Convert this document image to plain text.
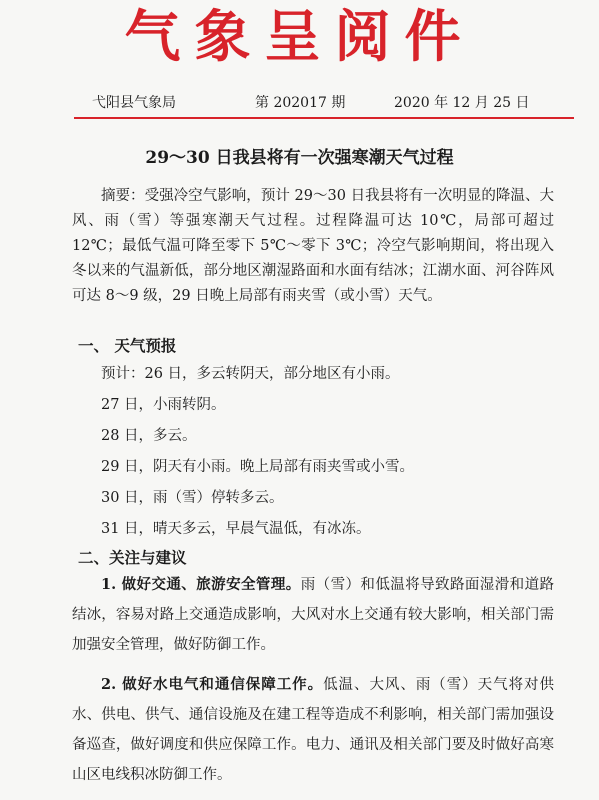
气象呈阅件
弋阳县气象局	第 202017 期	2020 年 12 月 25 日
29～30 日我县将有一次强寒潮天气过程
摘要：受强冷空气影响，预计 29～30 日我县将有一次明显的降温、大风、雨（雪）等强寒潮天气过程。过程降温可达 10℃，局部可超过 12℃；最低气温可降至零下 5℃～零下 3℃；冷空气影响期间，将出现入冬以来的气温新低，部分地区潮湿路面和水面有结冰；江湖水面、河谷阵风可达 8～9 级，29 日晚上局部有雨夹雪（或小雪）天气。
一、 天气预报
预计：26 日，多云转阴天，部分地区有小雨。
27 日，小雨转阴。
28 日，多云。
29 日，阴天有小雨。晚上局部有雨夹雪或小雪。
30 日，雨（雪）停转多云。
31 日，晴天多云，早晨气温低，有冰冻。
二、关注与建议
1. 做好交通、旅游安全管理。雨（雪）和低温将导致路面湿滑和道路结冰，容易对路上交通造成影响，大风对水上交通有较大影响，相关部门需加强安全管理，做好防御工作。
2. 做好水电气和通信保障工作。低温、大风、雨（雪）天气将对供水、供电、供气、通信设施及在建工程等造成不利影响，相关部门需加强设备巡查，做好调度和供应保障工作。电力、通讯及相关部门要及时做好高寒山区电线积冰防御工作。
